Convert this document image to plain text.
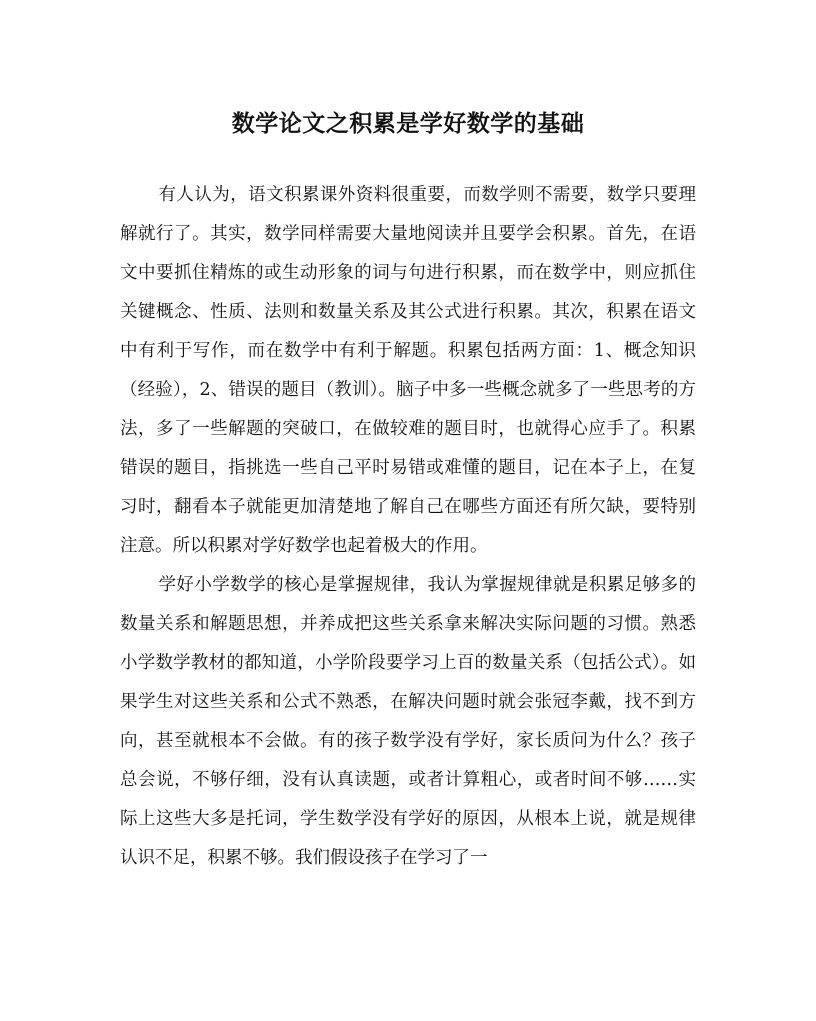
数学论文之积累是学好数学的基础

有人认为，语文积累课外资料很重要，而数学则不需要，数学只要理解就行了。其实，数学同样需要大量地阅读并且要学会积累。首先，在语文中要抓住精炼的或生动形象的词与句进行积累，而在数学中，则应抓住关键概念、性质、法则和数量关系及其公式进行积累。其次，积累在语文中有利于写作，而在数学中有利于解题。积累包括两方面：1、概念知识（经验），2、错误的题目（教训）。脑子中多一些概念就多了一些思考的方法，多了一些解题的突破口，在做较难的题目时，也就得心应手了。积累错误的题目，指挑选一些自己平时易错或难懂的题目，记在本子上，在复习时，翻看本子就能更加清楚地了解自己在哪些方面还有所欠缺，要特别注意。所以积累对学好数学也起着极大的作用。

学好小学数学的核心是掌握规律，我认为掌握规律就是积累足够多的数量关系和解题思想，并养成把这些关系拿来解决实际问题的习惯。熟悉小学数学教材的都知道，小学阶段要学习上百的数量关系（包括公式）。如果学生对这些关系和公式不熟悉，在解决问题时就会张冠李戴，找不到方向，甚至就根本不会做。有的孩子数学没有学好，家长质问为什么？孩子总会说，不够仔细，没有认真读题，或者计算粗心，或者时间不够……实际上这些大多是托词，学生数学没有学好的原因，从根本上说，就是规律认识不足，积累不够。我们假设孩子在学习了一
